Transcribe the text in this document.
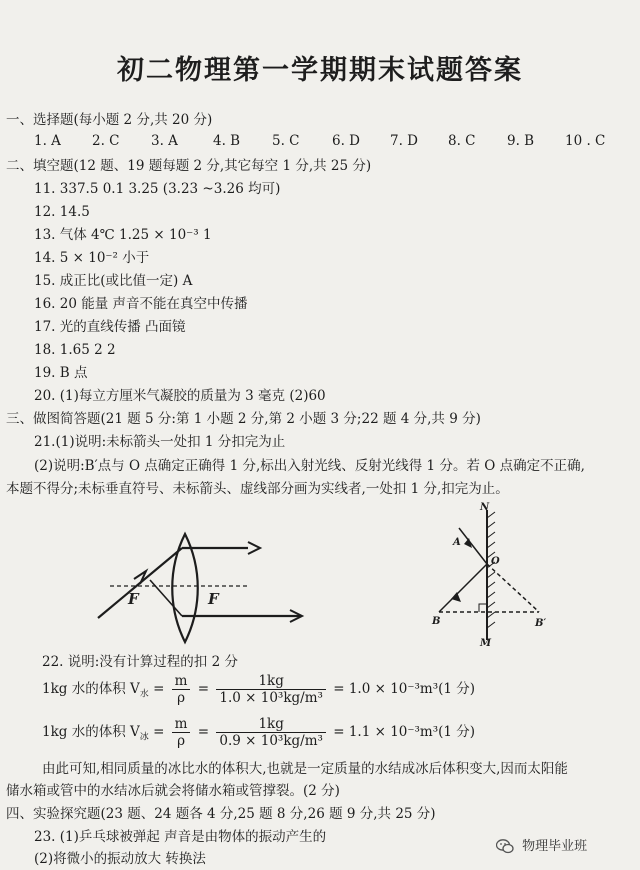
初二物理第一学期期末试题答案
一、选择题(每小题 2 分,共 20 分)
1. A 2. C 3. A	4. B 5. C 6. D 7. D 8. C 9. B 10 . C
二、填空题(12 题、19 题每题 2 分,其它每空 1 分,共 25 分)
11. 337.5 0.1 3.25 (3.23 ~3.26 均可)
12. 14.5
13. 气体 4℃ 1.25 × 10⁻³ 1
14. 5 × 10⁻² 小于
15. 成正比(或比值一定) A
16. 20 能量 声音不能在真空中传播
17. 光的直线传播 凸面镜
18. 1.65 2 2
19. B 点
20. (1)每立方厘米气凝胶的质量为 3 毫克 (2)60
三、做图简答题(21 题 5 分:第 1 小题 2 分,第 2 小题 3 分;22 题 4 分,共 9 分)
21.(1)说明:未标箭头一处扣 1 分扣完为止
(2)说明:B′点与 O 点确定正确得 1 分,标出入射光线、反射光线得 1 分。若 O 点确定不正确,
本题不得分;未标垂直符号、未标箭头、虚线部分画为实线者,一处扣 1 分,扣完为止。
F	F
N
M
A
O
B	B′
22. 说明:没有计算过程的扣 2 分
1kg 水的体积 $V_水 = \frac{m}{\rho} = \frac{1kg}{\text{1.0 × 10³kg/m³}} = 1.0 \times 10^{-3}m^3(1$ 分)
1kg 水的体积 $V_冰 = \frac{m}{\rho} = \frac{1kg}{\text{0.9 × 10³kg/m³}} = 1.1 \times 10^{-3}m^3(1$ 分)
由此可知,相同质量的冰比水的体积大,也就是一定质量的水结成冰后体积变大,因而太阳能
储水箱或管中的水结冰后就会将储水箱或管撑裂。(2 分)
四、实验探究题(23 题、24 题各 4 分,25 题 8 分,26 题 9 分,共 25 分)
23. (1)乒乓球被弹起 声音是由物体的振动产生的
(2)将微小的振动放大 转换法
物理毕业班
